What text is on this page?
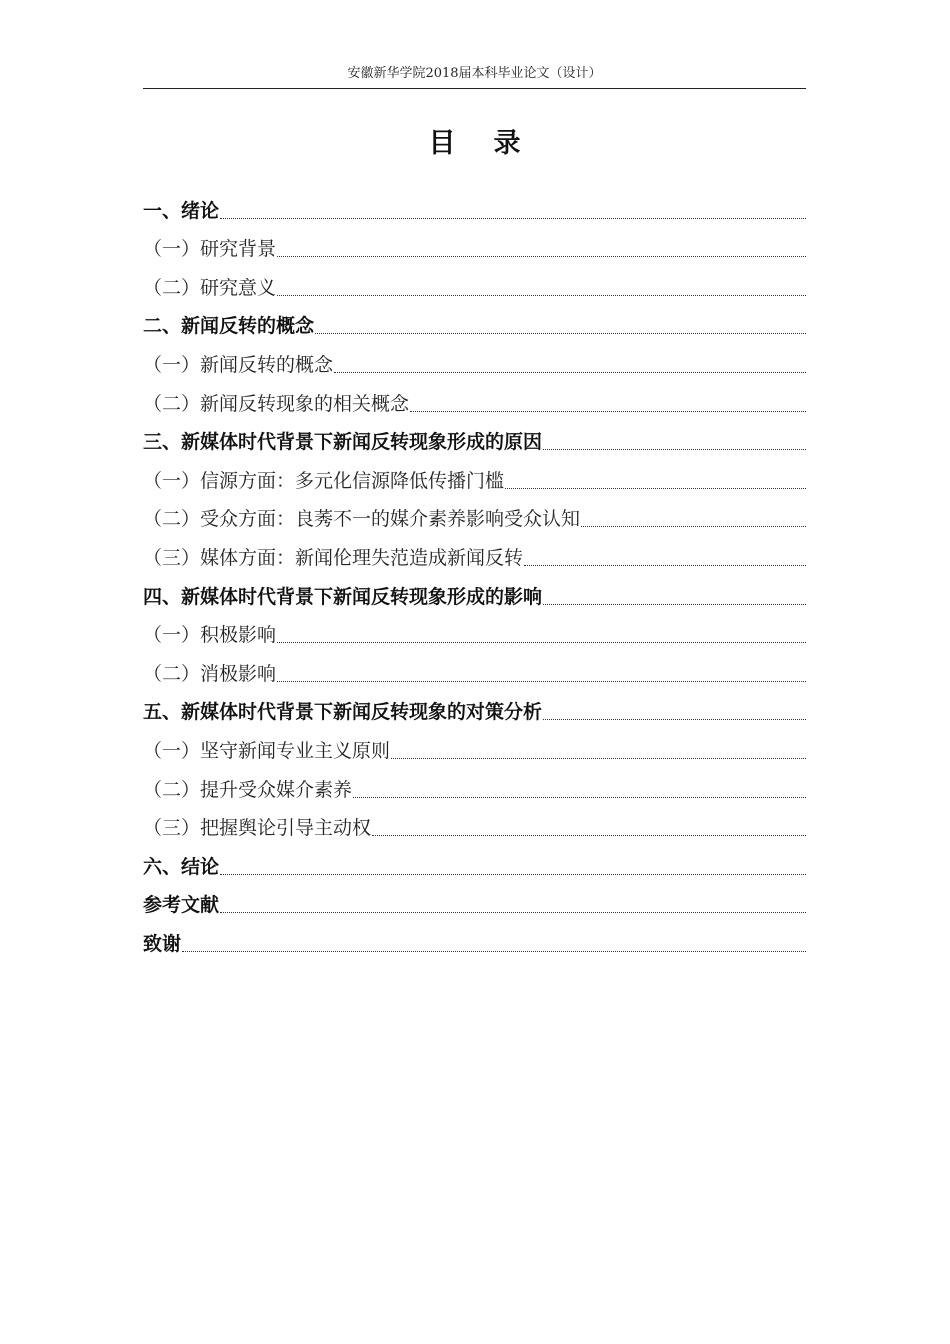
安徽新华学院2018届本科毕业论文（设计）
目录
一、绪论
（一）研究背景
（二）研究意义
二、新闻反转的概念
（一）新闻反转的概念
（二）新闻反转现象的相关概念
三、新媒体时代背景下新闻反转现象形成的原因
（一）信源方面：多元化信源降低传播门槛
（二）受众方面：良莠不一的媒介素养影响受众认知
（三）媒体方面：新闻伦理失范造成新闻反转
四、新媒体时代背景下新闻反转现象形成的影响
（一）积极影响
（二）消极影响
五、新媒体时代背景下新闻反转现象的对策分析
（一）坚守新闻专业主义原则
（二）提升受众媒介素养
（三）把握舆论引导主动权
六、结论
参考文献
致谢
